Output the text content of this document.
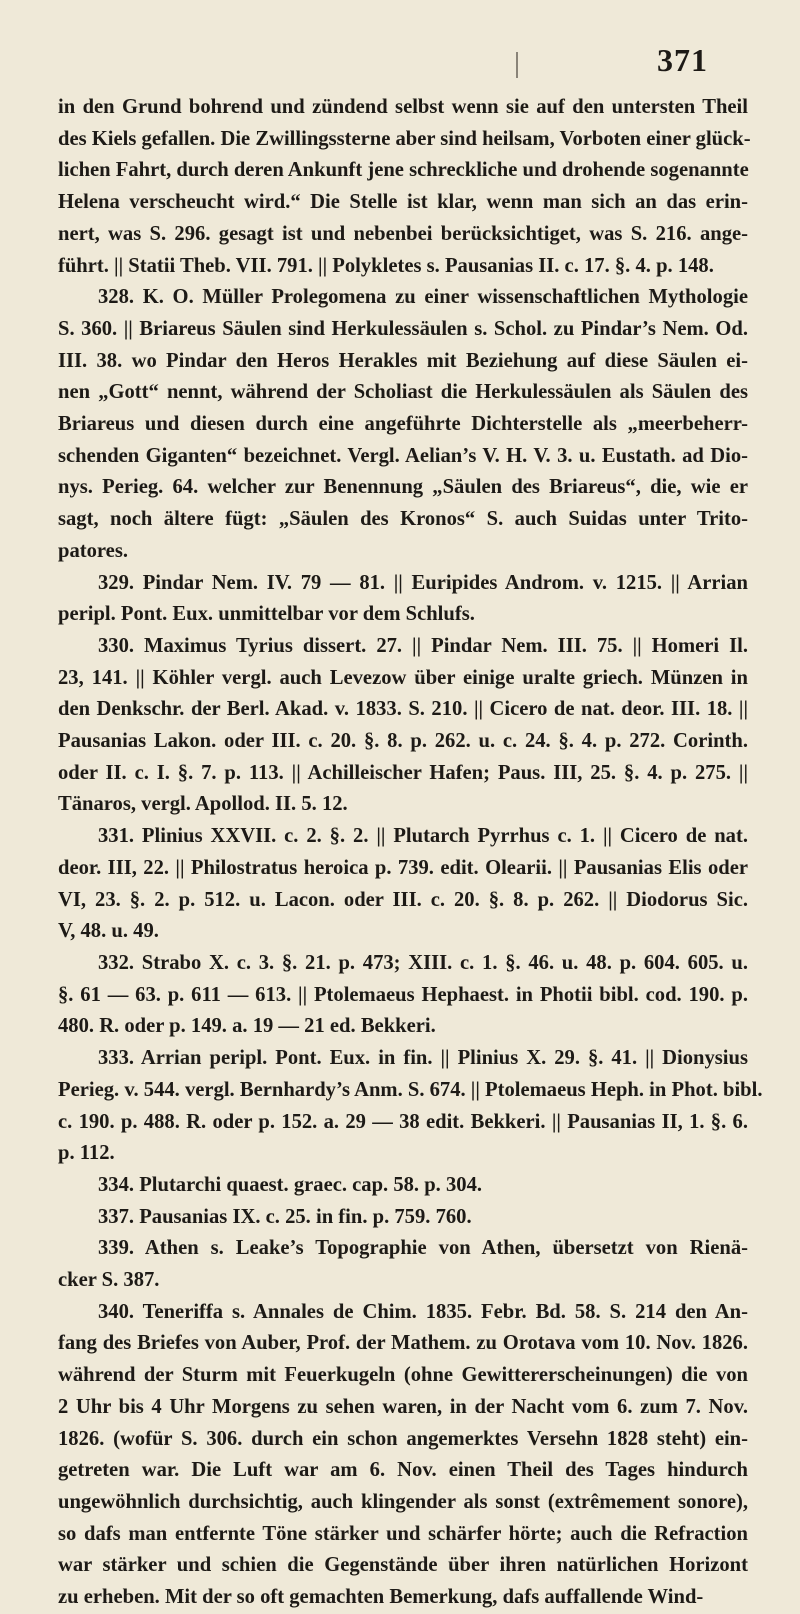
371

in den Grund bohrend und zündend selbst wenn sie auf den untersten Theil
des Kiels gefallen. Die Zwillingssterne aber sind heilsam, Vorboten einer glück-
lichen Fahrt, durch deren Ankunft jene schreckliche und drohende sogenannte
Helena verscheucht wird.“ Die Stelle ist klar, wenn man sich an das erin-
nert, was S. 296. gesagt ist und nebenbei berücksichtiget, was S. 216. ange-
führt. || Statii Theb. VII. 791. || Polykletes s. Pausanias II. c. 17. §. 4. p. 148.

328. K. O. Müller Prolegomena zu einer wissenschaftlichen Mythologie
S. 360. || Briareus Säulen sind Herkulessäulen s. Schol. zu Pindar’s Nem. Od.
III. 38. wo Pindar den Heros Herakles mit Beziehung auf diese Säulen ei-
nen „Gott“ nennt, während der Scholiast die Herkulessäulen als Säulen des
Briareus und diesen durch eine angeführte Dichterstelle als „meerbeherr-
schenden Giganten“ bezeichnet. Vergl. Aelian’s V. H. V. 3. u. Eustath. ad Dio-
nys. Perieg. 64. welcher zur Benennung „Säulen des Briareus“, die, wie er
sagt, noch ältere fügt: „Säulen des Kronos“ S. auch Suidas unter Trito-
patores.

329. Pindar Nem. IV. 79 — 81. || Euripides Androm. v. 1215. || Arrian
peripl. Pont. Eux. unmittelbar vor dem Schlufs.

330. Maximus Tyrius dissert. 27. || Pindar Nem. III. 75. || Homeri Il.
23, 141. || Köhler vergl. auch Levezow über einige uralte griech. Münzen in
den Denkschr. der Berl. Akad. v. 1833. S. 210. || Cicero de nat. deor. III. 18. ||
Pausanias Lakon. oder III. c. 20. §. 8. p. 262. u. c. 24. §. 4. p. 272. Corinth.
oder II. c. I. §. 7. p. 113. || Achilleischer Hafen; Paus. III, 25. §. 4. p. 275. ||
Tänaros, vergl. Apollod. II. 5. 12.

331. Plinius XXVII. c. 2. §. 2. || Plutarch Pyrrhus c. 1. || Cicero de nat.
deor. III, 22. || Philostratus heroica p. 739. edit. Olearii. || Pausanias Elis oder
VI, 23. §. 2. p. 512. u. Lacon. oder III. c. 20. §. 8. p. 262. || Diodorus Sic.
V, 48. u. 49.

332. Strabo X. c. 3. §. 21. p. 473; XIII. c. 1. §. 46. u. 48. p. 604. 605. u.
§. 61 — 63. p. 611 — 613. || Ptolemaeus Hephaest. in Photii bibl. cod. 190. p.
480. R. oder p. 149. a. 19 — 21 ed. Bekkeri.

333. Arrian peripl. Pont. Eux. in fin. || Plinius X. 29. §. 41. || Dionysius
Perieg. v. 544. vergl. Bernhardy’s Anm. S. 674. || Ptolemaeus Heph. in Phot. bibl.
c. 190. p. 488. R. oder p. 152. a. 29 — 38 edit. Bekkeri. || Pausanias II, 1. §. 6.
p. 112.

334. Plutarchi quaest. graec. cap. 58. p. 304.

337. Pausanias IX. c. 25. in fin. p. 759. 760.

339. Athen s. Leake’s Topographie von Athen, übersetzt von Rienä-
cker S. 387.

340. Teneriffa s. Annales de Chim. 1835. Febr. Bd. 58. S. 214 den An-
fang des Briefes von Auber, Prof. der Mathem. zu Orotava vom 10. Nov. 1826.
während der Sturm mit Feuerkugeln (ohne Gewittererscheinungen) die von
2 Uhr bis 4 Uhr Morgens zu sehen waren, in der Nacht vom 6. zum 7. Nov.
1826. (wofür S. 306. durch ein schon angemerktes Versehn 1828 steht) ein-
getreten war. Die Luft war am 6. Nov. einen Theil des Tages hindurch
ungewöhnlich durchsichtig, auch klingender als sonst (extrêmement sonore),
so dafs man entfernte Töne stärker und schärfer hörte; auch die Refraction
war stärker und schien die Gegenstände über ihren natürlichen Horizont
zu erheben. Mit der so oft gemachten Bemerkung, dafs auffallende Wind-
